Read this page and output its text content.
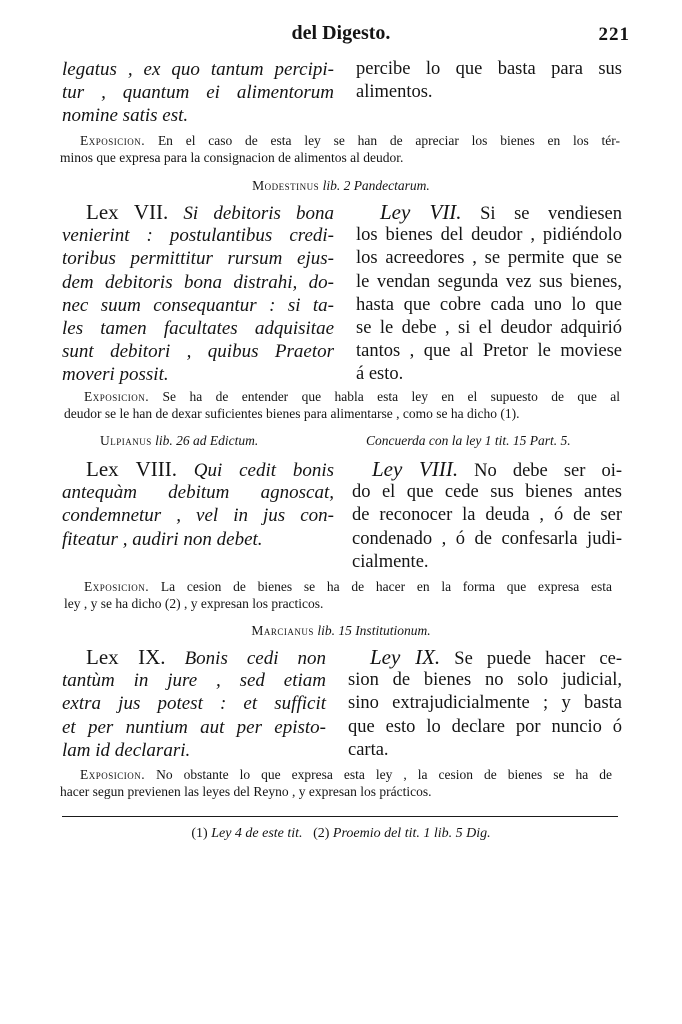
del Digesto.	221
legatus , ex quo tantum percipi-
tur , quantum ei alimentorum
nomine satis est.
percibe lo que basta para sus
alimentos.
Exposicion. En el caso de esta ley se han de apreciar los bienes en los tér-
minos que expresa para la consignacion de alimentos al deudor.
Modestinus lib. 2 Pandectarum.
Lex VII. Si debitoris bona
venierint : postulantibus credi-
toribus permittitur rursum ejus-
dem debitoris bona distrahi, do-
nec suum consequantur : si ta-
les tamen facultates adquisitae
sunt debitori , quibus Praetor
moveri possit.
Ley VII. Si se vendiesen
los bienes del deudor , pidiéndolo
los acreedores , se permite que se
le vendan segunda vez sus bienes,
hasta que cobre cada uno lo que
se le debe , si el deudor adquirió
tantos , que al Pretor le moviese
á esto.
Exposicion. Se ha de entender que habla esta ley en el supuesto de que al
deudor se le han de dexar suficientes bienes para alimentarse , como se ha dicho (1).
Ulpianus lib. 26 ad Edictum.	Concuerda con la ley 1 tit. 15 Part. 5.
Lex VIII. Qui cedit bonis
antequàm debitum agnoscat,
condemnetur , vel in jus con-
fiteatur , audiri non debet.
Ley VIII. No debe ser oi-
do el que cede sus bienes antes
de reconocer la deuda , ó de ser
condenado , ó de confesarla judi-
cialmente.
Exposicion. La cesion de bienes se ha de hacer en la forma que expresa esta
ley , y se ha dicho (2) , y expresan los practicos.
Marcianus lib. 15 Institutionum.
Lex IX. Bonis cedi non
tantùm in jure , sed etiam
extra jus potest : et sufficit
et per nuntium aut per episto-
lam id declarari.
Ley IX. Se puede hacer ce-
sion de bienes no solo judicial,
sino extrajudicialmente ; y basta
que esto lo declare por nuncio ó
carta.
Exposicion. No obstante lo que expresa esta ley , la cesion de bienes se ha de
hacer segun previenen las leyes del Reyno , y expresan los prácticos.
(1) Ley 4 de este tit. (2) Proemio del tit. 1 lib. 5 Dig.
